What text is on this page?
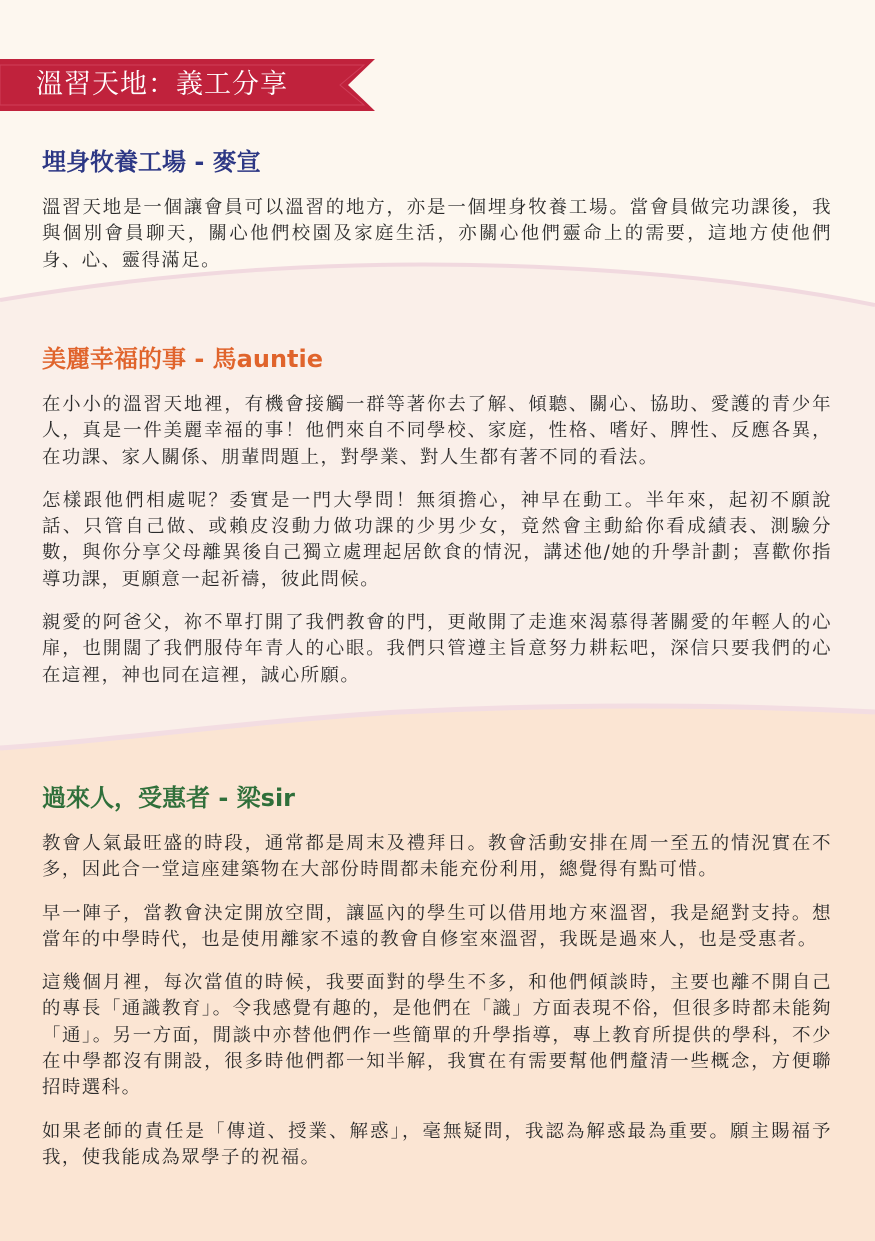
溫習天地：義工分享
埋身牧養工場 - 麥宣

溫習天地是一個讓會員可以溫習的地方，亦是一個埋身牧養工場。當會員做完功課後，我與個別會員聊天，關心他們校園及家庭生活，亦關心他們靈命上的需要，這地方使他們身、心、靈得滿足。

美麗幸福的事 - 馬auntie

在小小的溫習天地裡，有機會接觸一群等著你去了解、傾聽、關心、協助、愛護的青少年人，真是一件美麗幸福的事！他們來自不同學校、家庭，性格、嗜好、脾性、反應各異，在功課、家人關係、朋輩問題上，對學業、對人生都有著不同的看法。

怎樣跟他們相處呢？委實是一門大學問！無須擔心，神早在動工。半年來，起初不願說話、只管自己做、或賴皮沒動力做功課的少男少女，竟然會主動給你看成績表、測驗分數，與你分享父母離異後自己獨立處理起居飲食的情況，講述他/她的升學計劃；喜歡你指導功課，更願意一起祈禱，彼此問候。

親愛的阿爸父，祢不單打開了我們教會的門，更敞開了走進來渴慕得著關愛的年輕人的心扉，也開闊了我們服侍年青人的心眼。我們只管遵主旨意努力耕耘吧，深信只要我們的心在這裡，神也同在這裡，誠心所願。

過來人，受惠者 - 梁sir

教會人氣最旺盛的時段，通常都是周末及禮拜日。教會活動安排在周一至五的情況實在不多，因此合一堂這座建築物在大部份時間都未能充份利用，總覺得有點可惜。

早一陣子，當教會決定開放空間，讓區內的學生可以借用地方來溫習，我是絕對支持。想當年的中學時代，也是使用離家不遠的教會自修室來溫習，我既是過來人，也是受惠者。

這幾個月裡，每次當值的時候，我要面對的學生不多，和他們傾談時，主要也離不開自己的專長「通識教育」。令我感覺有趣的，是他們在「識」方面表現不俗，但很多時都未能夠「通」。另一方面，閒談中亦替他們作一些簡單的升學指導，專上教育所提供的學科，不少在中學都沒有開設，很多時他們都一知半解，我實在有需要幫他們釐清一些概念，方便聯招時選科。

如果老師的責任是「傳道、授業、解惑」，毫無疑問，我認為解惑最為重要。願主賜福予我，使我能成為眾學子的祝福。
